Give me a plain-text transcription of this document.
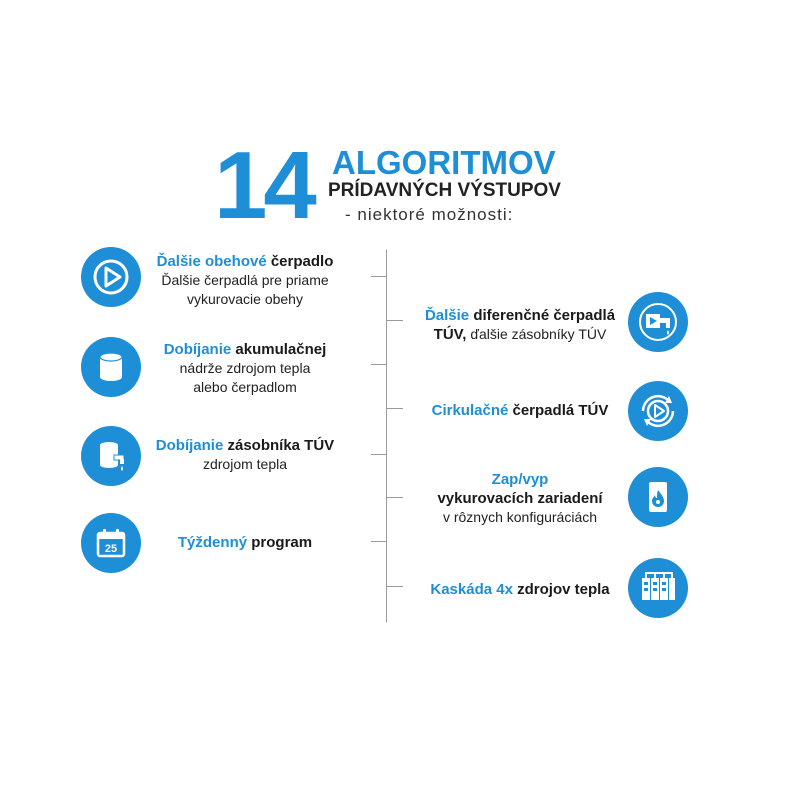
14 ALGORITMOV
PRÍDAVNÝCH VÝSTUPOV
- niektoré možnosti:
Ďalšie obehové čerpadlo
Ďalšie čerpadlá pre priame
vykurovacie obehy
Dobíjanie akumulačnej
nádrže zdrojom tepla
alebo čerpadlom
Dobíjanie zásobníka TÚV
zdrojom tepla
25	Týždenný program
Ďalšie diferenčné čerpadlá
TÚV, ďalšie zásobníky TÚV
Cirkulačné čerpadlá TÚV
Zap/vyp
vykurovacích zariadení
v rôznych konfiguráciách
Kaskáda 4x zdrojov tepla
